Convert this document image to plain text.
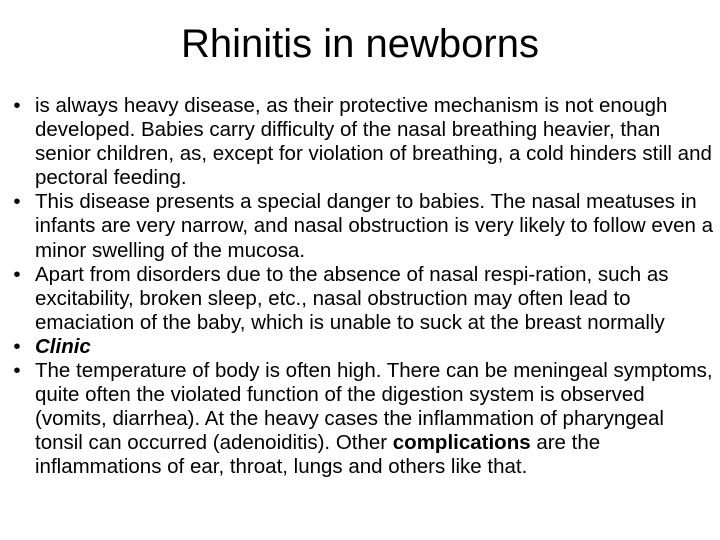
Rhinitis in newborns
• is always heavy disease, as their protective mechanism is not enough developed. Babies carry difficulty of the nasal breathing heavier, than senior children, as, except for violation of breathing, a cold hinders still and pectoral feeding.
• This disease presents a special danger to babies. The nasal meatuses in infants are very narrow, and nasal obstruction is very likely to follow even a minor swelling of the mucosa.
• Apart from disorders due to the absence of nasal respi-ration, such as excitability, broken sleep, etc., nasal obstruction may often lead to emaciation of the baby, which is unable to suck at the breast normally
• Clinic
• The temperature of body is often high. There can be meningeal symptoms, quite often the violated function of the digestion system is observed (vomits, diarrhea). At the heavy cases the inflammation of pharyngeal tonsil can occurred (adenoiditis). Other complications are the inflammations of ear, throat, lungs and others like that.
